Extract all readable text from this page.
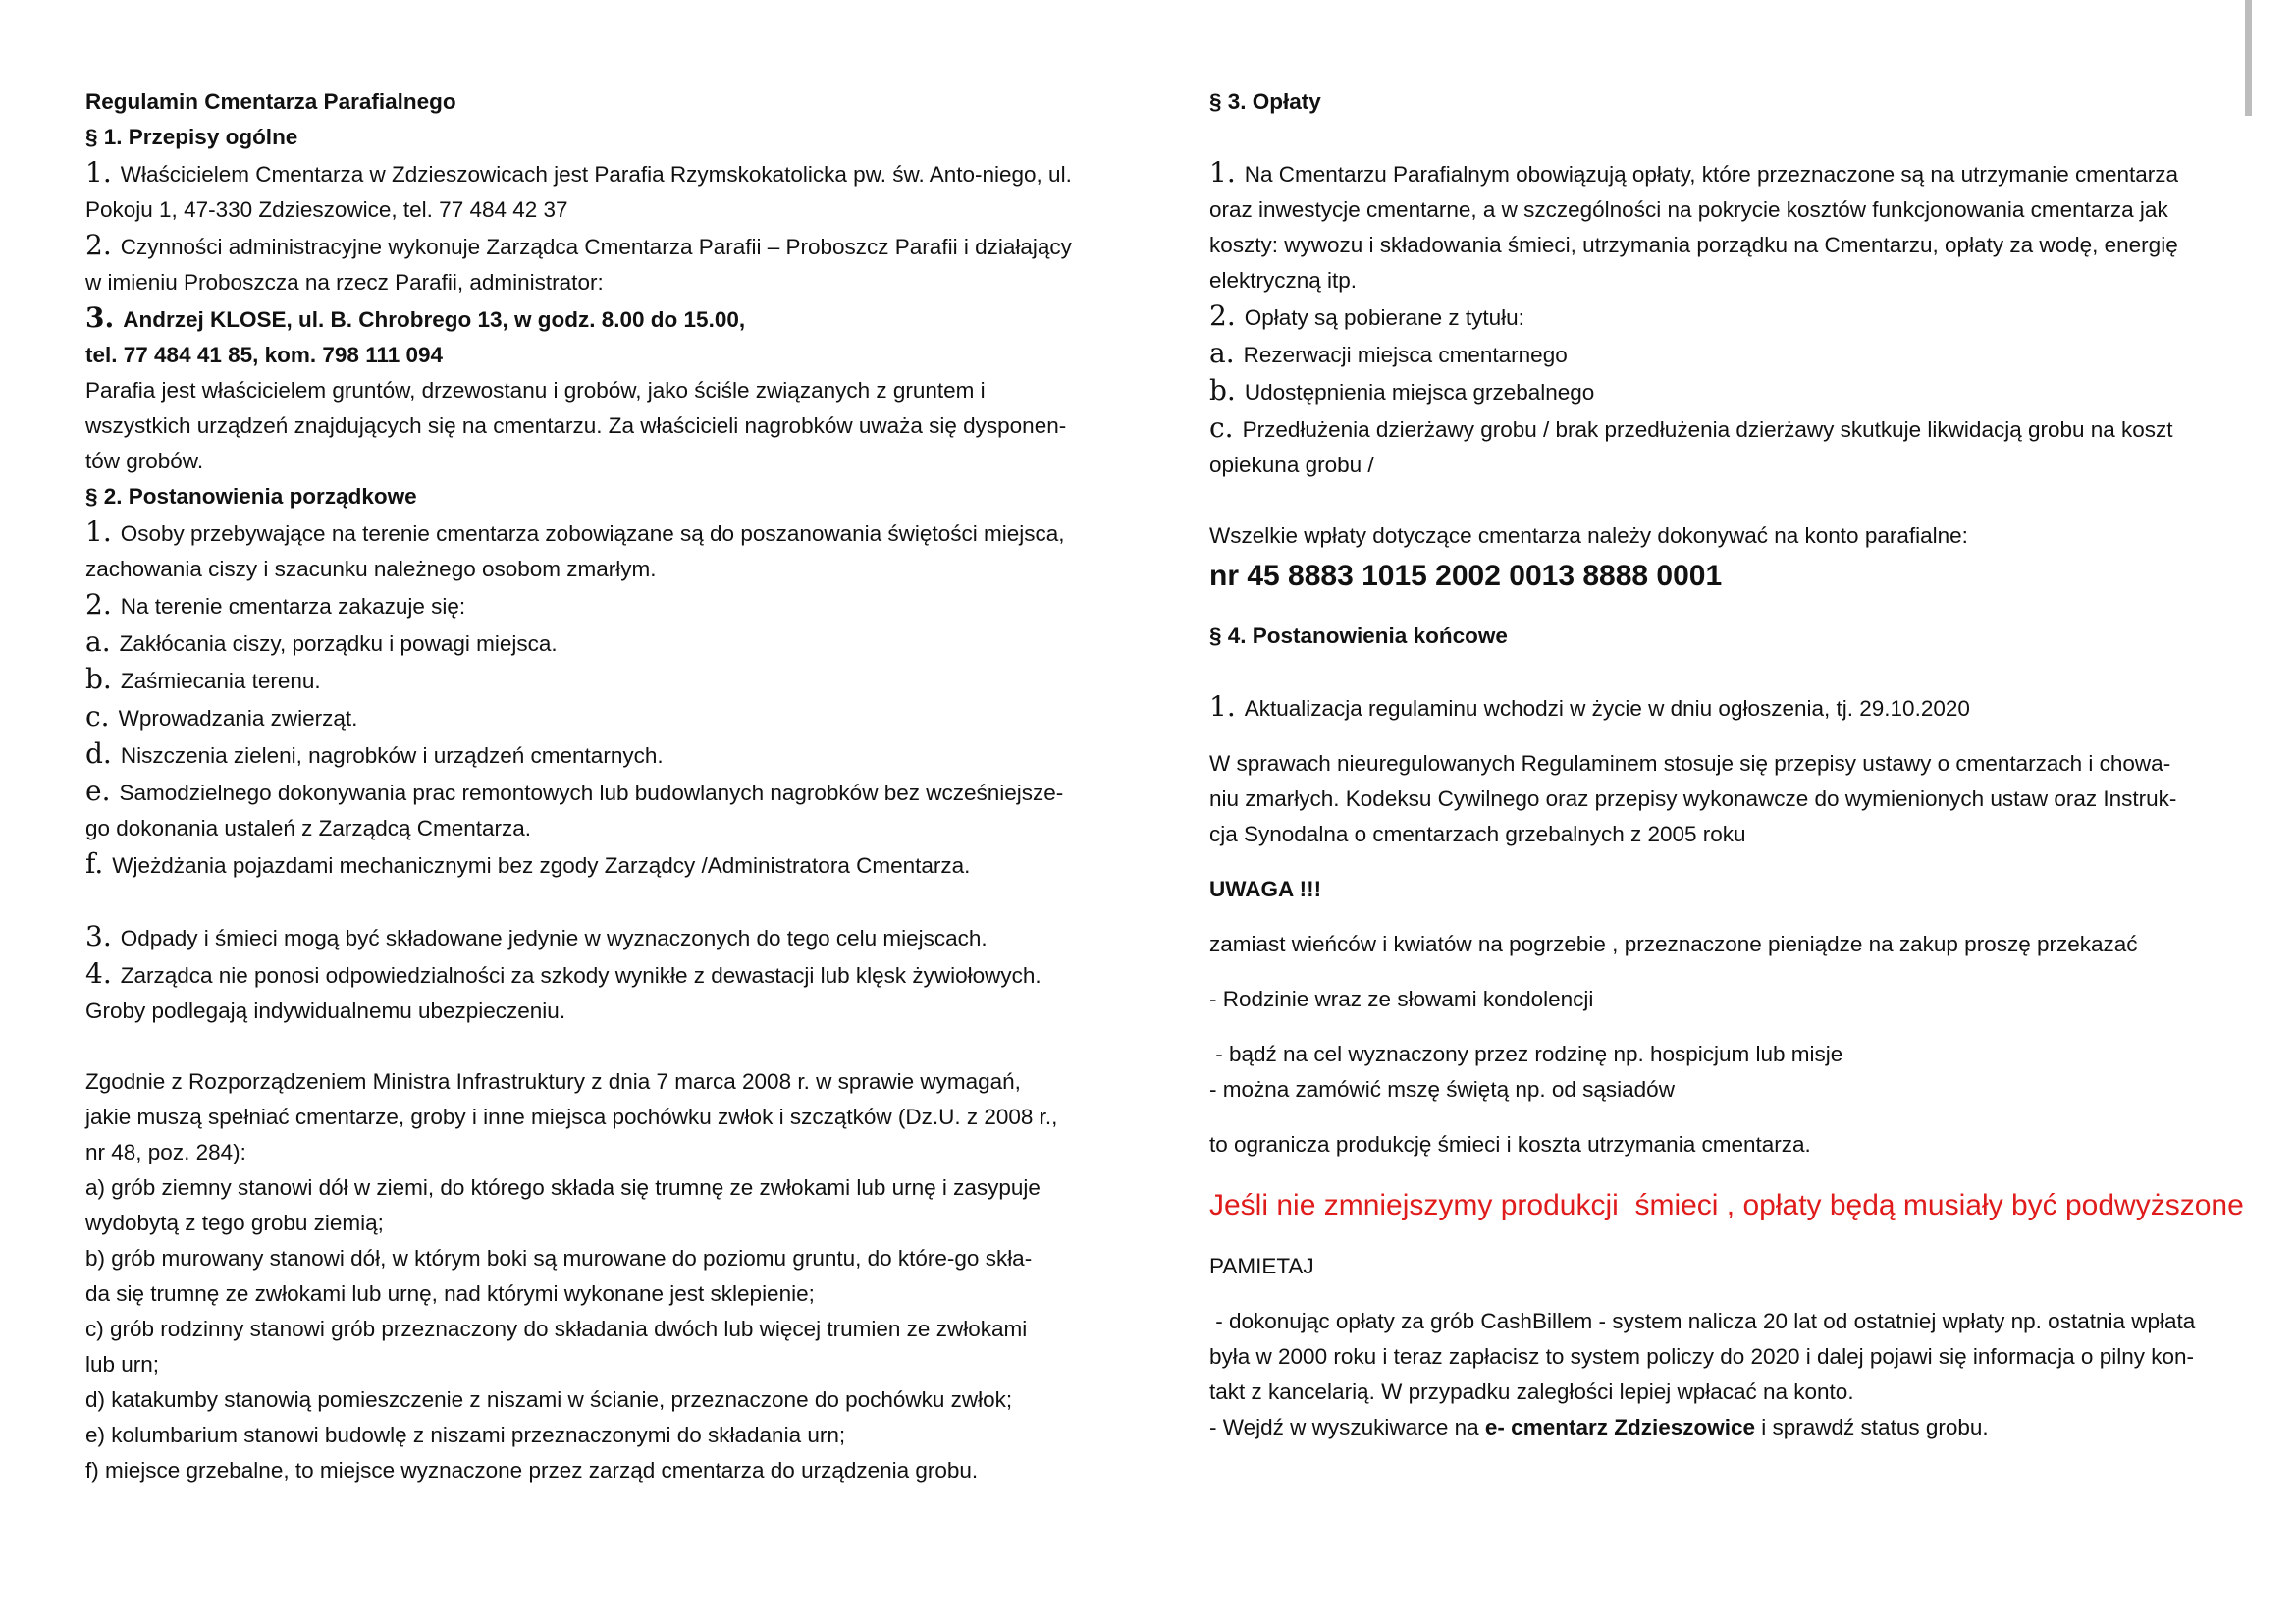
Regulamin Cmentarza Parafialnego
§ 1. Przepisy ogólne
1. Właścicielem Cmentarza w Zdzieszowicach jest Parafia Rzymskokatolicka pw. św. Anto-niego, ul.
Pokoju 1, 47-330 Zdzieszowice, tel. 77 484 42 37
2. Czynności administracyjne wykonuje Zarządca Cmentarza Parafii – Proboszcz Parafii i działający
w imieniu Proboszcza na rzecz Parafii, administrator:
3. Andrzej KLOSE, ul. B. Chrobrego 13, w godz. 8.00 do 15.00,
tel. 77 484 41 85, kom. 798 111 094
Parafia jest właścicielem gruntów, drzewostanu i grobów, jako ściśle związanych z gruntem i
wszystkich urządzeń znajdujących się na cmentarzu. Za właścicieli nagrobków uważa się dysponen-
tów grobów.
§ 2. Postanowienia porządkowe
1. Osoby przebywające na terenie cmentarza zobowiązane są do poszanowania świętości miejsca,
zachowania ciszy i szacunku należnego osobom zmarłym.
2. Na terenie cmentarza zakazuje się:
a. Zakłócania ciszy, porządku i powagi miejsca.
b. Zaśmiecania terenu.
c. Wprowadzania zwierząt.
d. Niszczenia zieleni, nagrobków i urządzeń cmentarnych.
e. Samodzielnego dokonywania prac remontowych lub budowlanych nagrobków bez wcześniejsze-
go dokonania ustaleń z Zarządcą Cmentarza.
f. Wjeżdżania pojazdami mechanicznymi bez zgody Zarządcy /Administratora Cmentarza.
3. Odpady i śmieci mogą być składowane jedynie w wyznaczonych do tego celu miejscach.
4. Zarządca nie ponosi odpowiedzialności za szkody wynikłe z dewastacji lub klęsk żywiołowych.
Groby podlegają indywidualnemu ubezpieczeniu.
Zgodnie z Rozporządzeniem Ministra Infrastruktury z dnia 7 marca 2008 r. w sprawie wymagań,
jakie muszą spełniać cmentarze, groby i inne miejsca pochówku zwłok i szczątków (Dz.U. z 2008 r.,
nr 48, poz. 284):
a) grób ziemny stanowi dół w ziemi, do którego składa się trumnę ze zwłokami lub urnę i zasypuje
wydobytą z tego grobu ziemią;
b) grób murowany stanowi dół, w którym boki są murowane do poziomu gruntu, do które-go skła-
da się trumnę ze zwłokami lub urnę, nad którymi wykonane jest sklepienie;
c) grób rodzinny stanowi grób przeznaczony do składania dwóch lub więcej trumien ze zwłokami
lub urn;
d) katakumby stanowią pomieszczenie z niszami w ścianie, przeznaczone do pochówku zwłok;
e) kolumbarium stanowi budowlę z niszami przeznaczonymi do składania urn;
f) miejsce grzebalne, to miejsce wyznaczone przez zarząd cmentarza do urządzenia grobu.
§ 3. Opłaty
1. Na Cmentarzu Parafialnym obowiązują opłaty, które przeznaczone są na utrzymanie cmentarza
oraz inwestycje cmentarne, a w szczególności na pokrycie kosztów funkcjonowania cmentarza jak
koszty: wywozu i składowania śmieci, utrzymania porządku na Cmentarzu, opłaty za wodę, energię
elektryczną itp.
2. Opłaty są pobierane z tytułu:
a. Rezerwacji miejsca cmentarnego
b. Udostępnienia miejsca grzebalnego
c. Przedłużenia dzierżawy grobu / brak przedłużenia dzierżawy skutkuje likwidacją grobu na koszt
opiekuna grobu /
Wszelkie wpłaty dotyczące cmentarza należy dokonywać na konto parafialne:
nr 45 8883 1015 2002 0013 8888 0001
§ 4. Postanowienia końcowe
1. Aktualizacja regulaminu wchodzi w życie w dniu ogłoszenia, tj. 29.10.2020
W sprawach nieuregulowanych Regulaminem stosuje się przepisy ustawy o cmentarzach i chowa-
niu zmarłych. Kodeksu Cywilnego oraz przepisy wykonawcze do wymienionych ustaw oraz Instruk-
cja Synodalna o cmentarzach grzebalnych z 2005 roku
UWAGA !!!
zamiast wieńców i kwiatów na pogrzebie , przeznaczone pieniądze na zakup proszę przekazać
- Rodzinie wraz ze słowami kondolencji
- bądź na cel wyznaczony przez rodzinę np. hospicjum lub misje
- można zamówić mszę świętą np. od sąsiadów
to ogranicza produkcję śmieci i koszta utrzymania cmentarza.
Jeśli nie zmniejszymy produkcji  śmieci , opłaty będą musiały być podwyższone
PAMIETAJ
- dokonując opłaty za grób CashBillem - system nalicza 20 lat od ostatniej wpłaty np. ostatnia wpłata
była w 2000 roku i teraz zapłacisz to system policzy do 2020 i dalej pojawi się informacja o pilny kon-
takt z kancelarią. W przypadku zaległości lepiej wpłacać na konto.
- Wejdź w wyszukiwarce na e- cmentarz Zdzieszowice i sprawdź status grobu.
